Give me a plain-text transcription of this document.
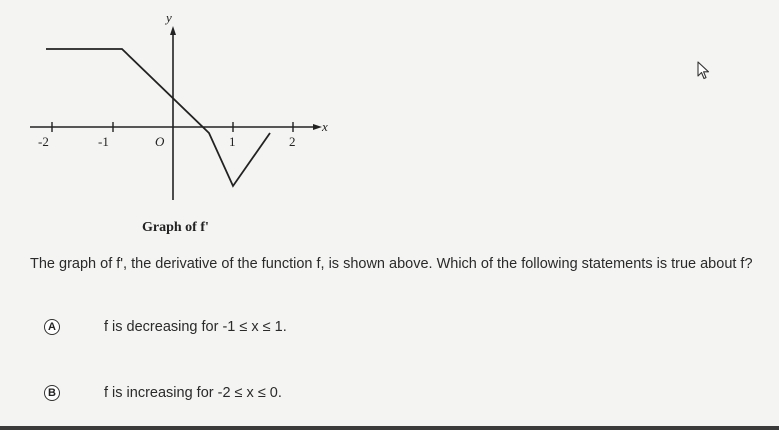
y
x
-2	-1	O	1	2
Graph of f'
The graph of f', the derivative of the function f, is shown above. Which of the following statements is true about f?
A	f is decreasing for -1 ≤ x ≤ 1.
B	f is increasing for -2 ≤ x ≤ 0.
